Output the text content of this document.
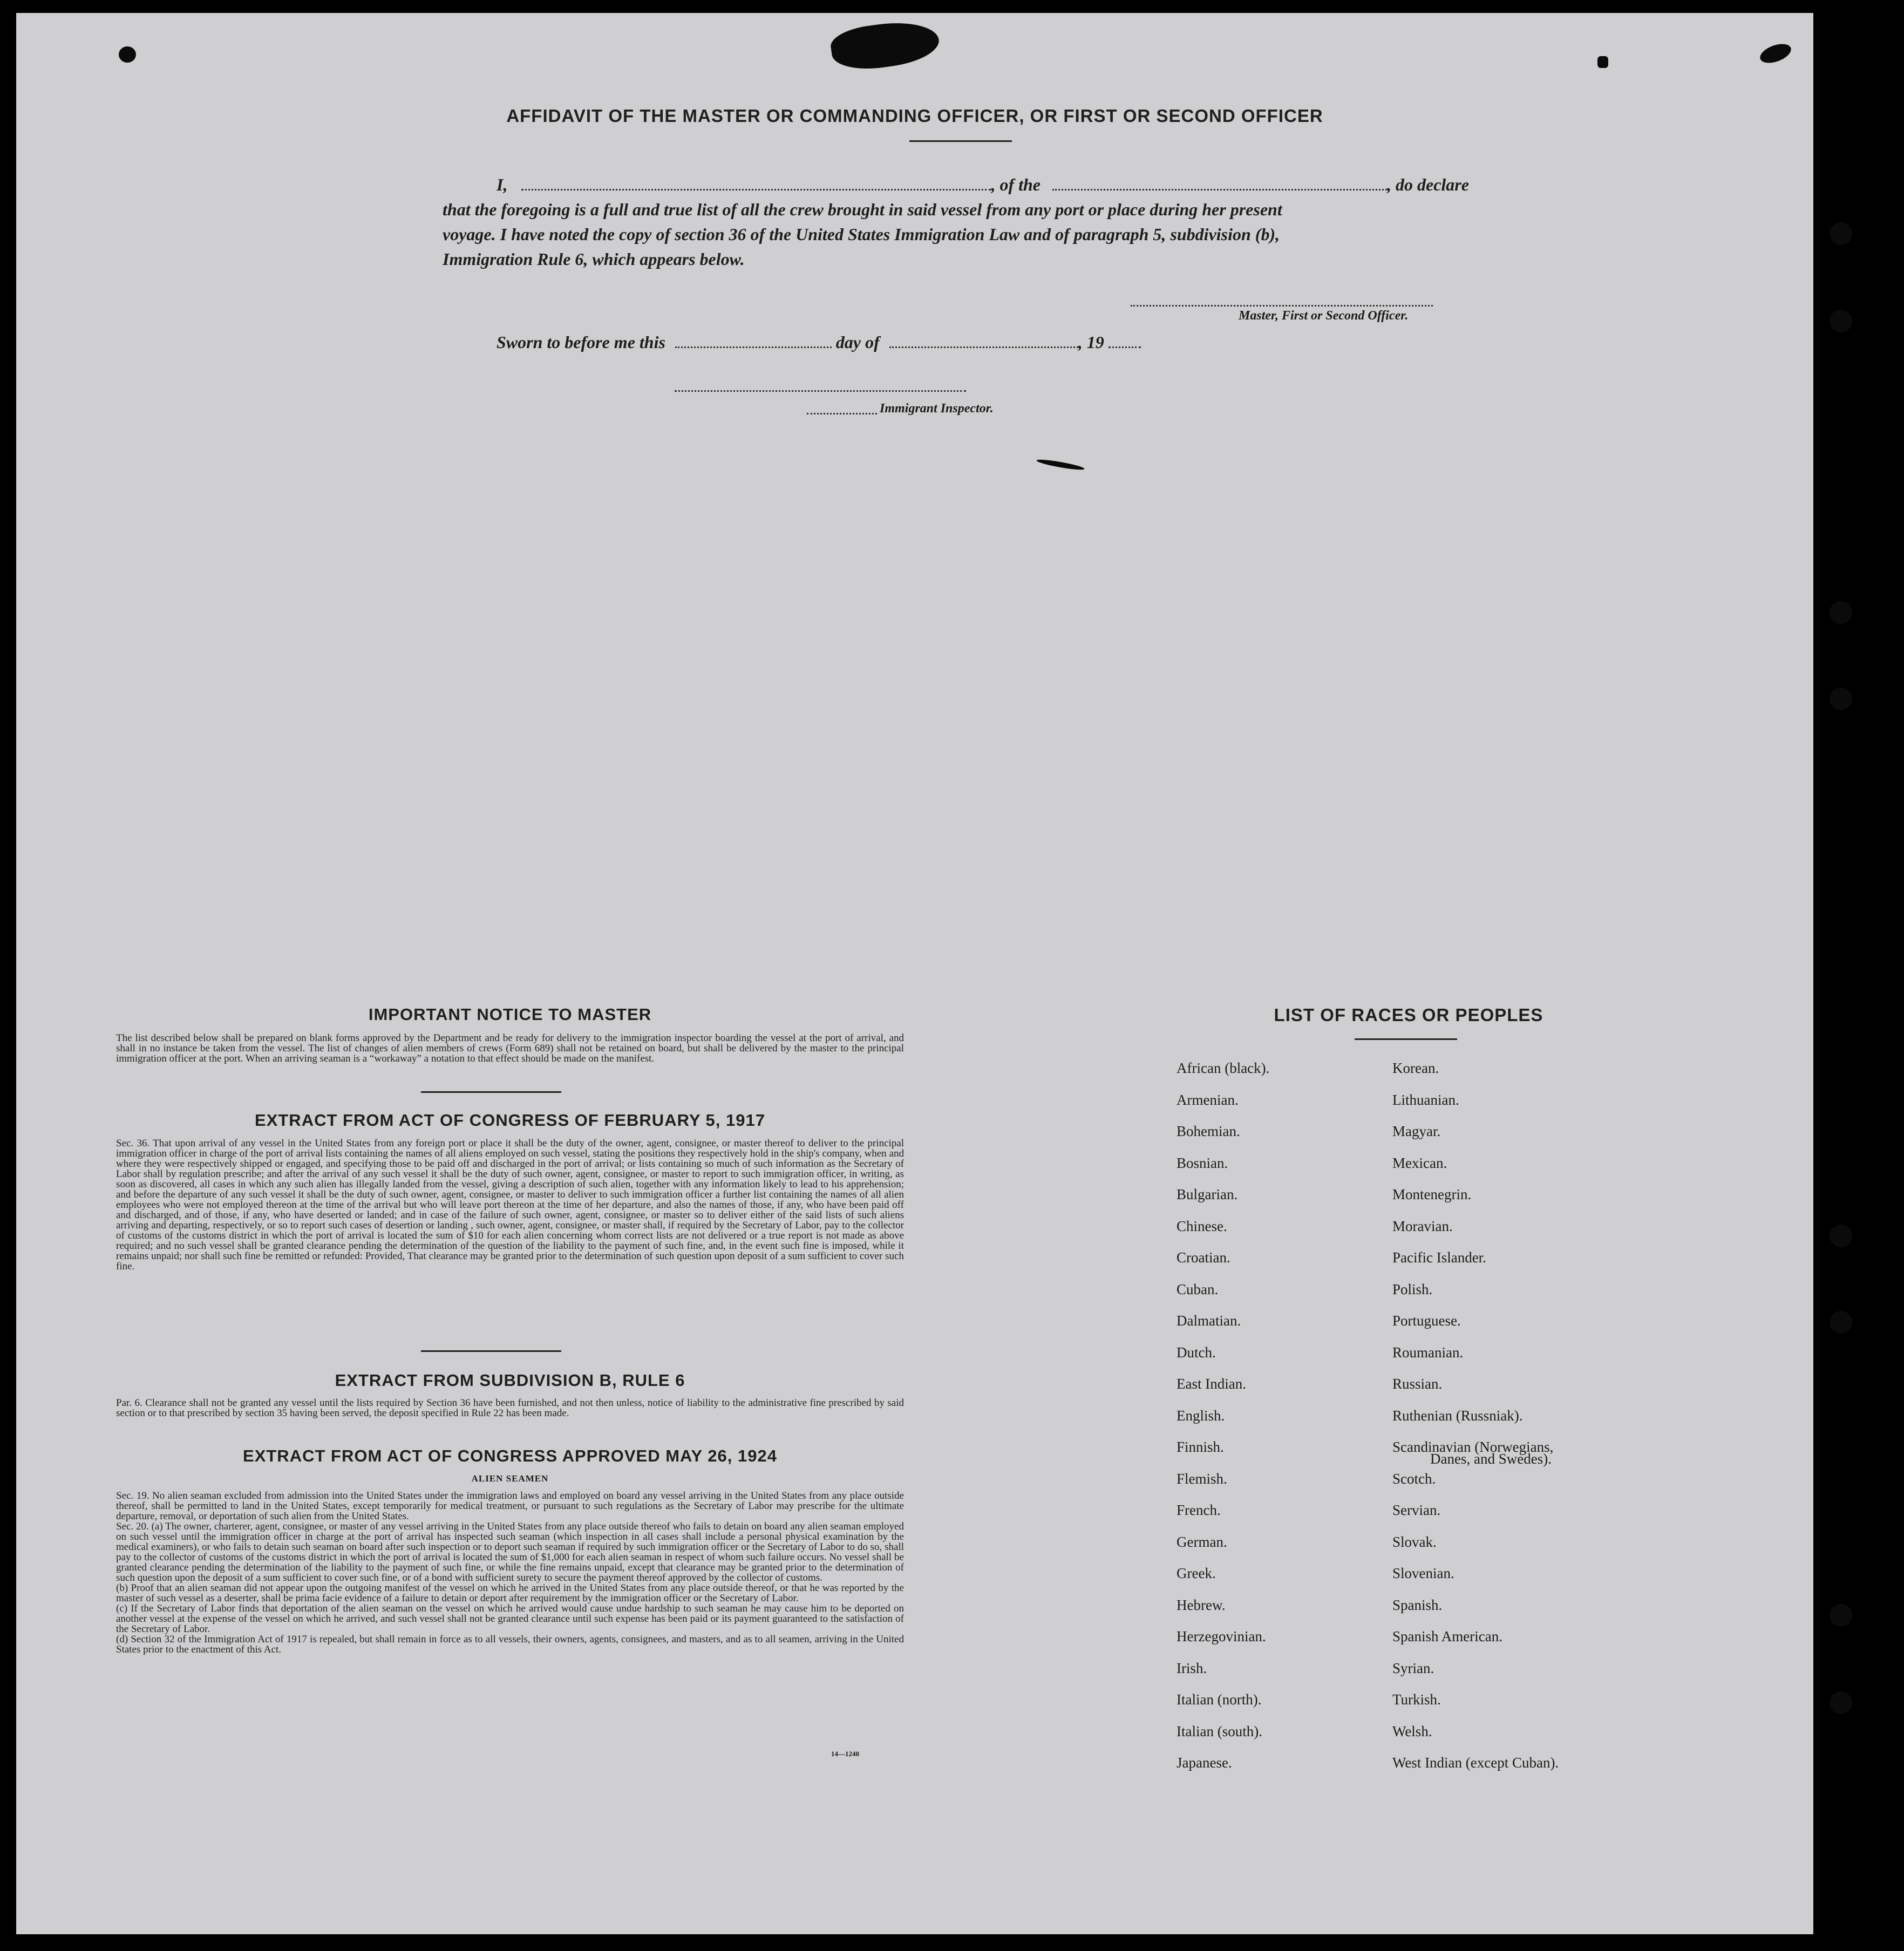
AFFIDAVIT OF THE MASTER OR COMMANDING OFFICER, OR FIRST OR SECOND OFFICER
I,	, of the	, do declare
that the foregoing is a full and true list of all the crew brought in said vessel from any port or place during her present
voyage. I have noted the copy of section 36 of the United States Immigration Law and of paragraph 5, subdivision (b),
Immigration Rule 6, which appears below.
Master, First or Second Officer.
Sworn to before me this	day of	, 19
Immigrant Inspector.
IMPORTANT NOTICE TO MASTER
The list described below shall be prepared on blank forms approved by the Department and be ready for delivery to the immigration inspector boarding the vessel at the port of arrival, and shall in no instance be taken from the vessel. The list of changes of alien members of crews (Form 689) shall not be retained on board, but shall be delivered by the master to the principal immigration officer at the port. When an arriving seaman is a “workaway” a notation to that effect should be made on the manifest.
EXTRACT FROM ACT OF CONGRESS OF FEBRUARY 5, 1917
Sec. 36. That upon arrival of any vessel in the United States from any foreign port or place it shall be the duty of the owner, agent, consignee, or master thereof to deliver to the principal immigration officer in charge of the port of arrival lists containing the names of all aliens employed on such vessel, stating the positions they respectively hold in the ship's company, when and where they were respectively shipped or engaged, and specifying those to be paid off and discharged in the port of arrival; or lists containing so much of such information as the Secretary of Labor shall by regulation prescribe; and after the arrival of any such vessel it shall be the duty of such owner, agent, consignee, or master to report to such immigration officer, in writing, as soon as discovered, all cases in which any such alien has illegally landed from the vessel, giving a description of such alien, together with any information likely to lead to his apprehension; and before the departure of any such vessel it shall be the duty of such owner, agent, consignee, or master to deliver to such immigration officer a further list containing the names of all alien employees who were not employed thereon at the time of the arrival but who will leave port thereon at the time of her departure, and also the names of those, if any, who have been paid off and discharged, and of those, if any, who have deserted or landed; and in case of the failure of such owner, agent, consignee, or master so to deliver either of the said lists of such aliens arriving and departing, respectively, or so to report such cases of desertion or landing , such owner, agent, consignee, or master shall, if required by the Secretary of Labor, pay to the collector of customs of the customs district in which the port of arrival is located the sum of $10 for each alien concerning whom correct lists are not delivered or a true report is not made as above required; and no such vessel shall be granted clearance pending the determination of the question of the liability to the payment of such fine, and, in the event such fine is imposed, while it remains unpaid; nor shall such fine be remitted or refunded: Provided, That clearance may be granted prior to the determination of such question upon deposit of a sum sufficient to cover such fine.
EXTRACT FROM SUBDIVISION B, RULE 6
Par. 6. Clearance shall not be granted any vessel until the lists required by Section 36 have been furnished, and not then unless, notice of liability to the administrative fine prescribed by said section or to that prescribed by section 35 having been served, the deposit specified in Rule 22 has been made.
EXTRACT FROM ACT OF CONGRESS APPROVED MAY 26, 1924
ALIEN SEAMEN
Sec. 19. No alien seaman excluded from admission into the United States under the immigration laws and employed on board any vessel arriving in the United States from any place outside thereof, shall be permitted to land in the United States, except temporarily for medical treatment, or pursuant to such regulations as the Secretary of Labor may prescribe for the ultimate departure, removal, or deportation of such alien from the United States.
Sec. 20. (a) The owner, charterer, agent, consignee, or master of any vessel arriving in the United States from any place outside thereof who fails to detain on board any alien seaman employed on such vessel until the immigration officer in charge at the port of arrival has inspected such seaman (which inspection in all cases shall include a personal physical examination by the medical examiners), or who fails to detain such seaman on board after such inspection or to deport such seaman if required by such immigration officer or the Secretary of Labor to do so, shall pay to the collector of customs of the customs district in which the port of arrival is located the sum of $1,000 for each alien seaman in respect of whom such failure occurs. No vessel shall be granted clearance pending the determination of the liability to the payment of such fine, or while the fine remains unpaid, except that clearance may be granted prior to the determination of such question upon the deposit of a sum sufficient to cover such fine, or of a bond with sufficient surety to secure the payment thereof approved by the collector of customs.
(b) Proof that an alien seaman did not appear upon the outgoing manifest of the vessel on which he arrived in the United States from any place outside thereof, or that he was reported by the master of such vessel as a deserter, shall be prima facie evidence of a failure to detain or deport after requirement by the immigration officer or the Secretary of Labor.
(c) If the Secretary of Labor finds that deportation of the alien seaman on the vessel on which he arrived would cause undue hardship to such seaman he may cause him to be deported on another vessel at the expense of the vessel on which he arrived, and such vessel shall not be granted clearance until such expense has been paid or its payment guaranteed to the satisfaction of the Secretary of Labor.
(d) Section 32 of the Immigration Act of 1917 is repealed, but shall remain in force as to all vessels, their owners, agents, consignees, and masters, and as to all seamen, arriving in the United States prior to the enactment of this Act.
14—1240
LIST OF RACES OR PEOPLES
African (black).
Armenian.
Bohemian.
Bosnian.
Bulgarian.
Chinese.
Croatian.
Cuban.
Dalmatian.
Dutch.
East Indian.
English.
Finnish.
Flemish.
French.
German.
Greek.
Hebrew.
Herzegovinian.
Irish.
Italian (north).
Italian (south).
Japanese.
Korean.
Lithuanian.
Magyar.
Mexican.
Montenegrin.
Moravian.
Pacific Islander.
Polish.
Portuguese.
Roumanian.
Russian.
Ruthenian (Russniak).
Scandinavian (Norwegians,
Danes, and Swedes).
Scotch.
Servian.
Slovak.
Slovenian.
Spanish.
Spanish American.
Syrian.
Turkish.
Welsh.
West Indian (except Cuban).
